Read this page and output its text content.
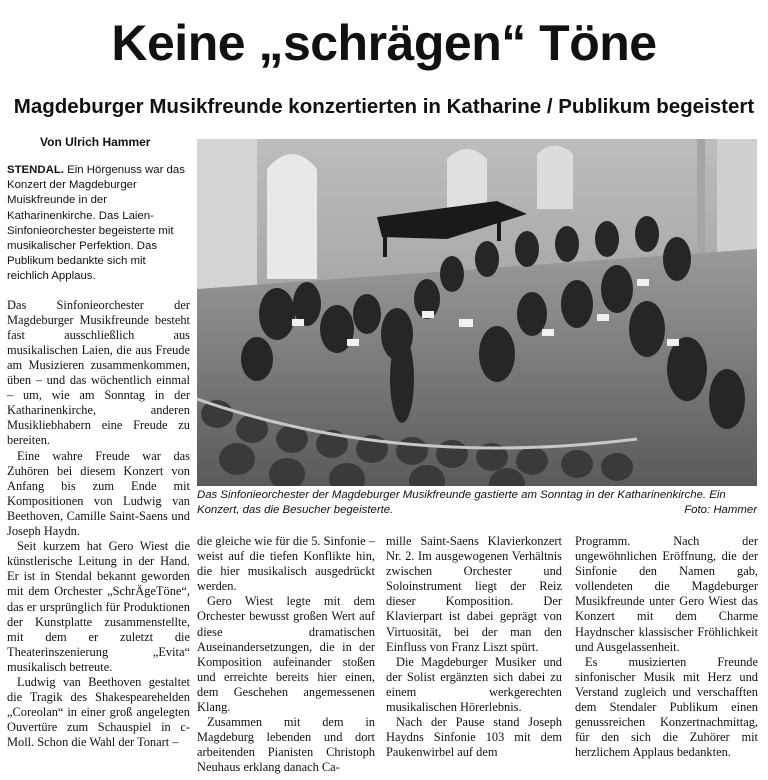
Keine „schrägen“ Töne
Magdeburger Musikfreunde konzertierten in Katharine / Publikum begeistert
Von Ulrich Hammer

STENDAL. Ein Hörgenuss war das Konzert der Magdeburger Muiskfreunde in der Katharinenkirche. Das Laien-Sinfonieorchester begeisterte mit musikalischer Perfektion. Das Publikum bedankte sich mit reichlich Applaus.

Das Sinfonieorchester der Magdeburger Musikfreunde besteht fast ausschließlich aus musikalischen Laien, die aus Freude am Musizieren zusammenkommen, üben – und das wöchentlich einmal – um, wie am Sonntag in der Katharinenkirche, anderen Musikliebhabern eine Freude zu bereiten.

Eine wahre Freude war das Zuhören bei diesem Konzert von Anfang bis zum Ende mit Kompositionen von Ludwig van Beethoven, Camille Saint-Saens und Joseph Haydn.

Seit kurzem hat Gero Wiest die künstlerische Leitung in der Hand. Er ist in Stendal bekannt geworden mit dem Orchester „SchrÄgeTöne“, das er ursprünglich für Produktionen der Kunstplatte zusammenstellte, mit dem er zuletzt die Theaterinszenierung „Evita“ musikalisch betreute.

Ludwig van Beethoven gestaltet die Tragik des Shakespearehelden „Coreolan“ in einer groß angelegten Ouvertüre zum Schauspiel in c-Moll. Schon die Wahl der Tonart –

Das Sinfonieorchester der Magdeburger Musikfreunde gastierte am Sonntag in der Katharinenkirche. Ein Konzert, das die Besucher begeisterte.	Foto: Hammer

die gleiche wie für die 5. Sinfonie – weist auf die tiefen Konflikte hin, die hier musikalisch ausgedrückt werden.

Gero Wiest legte mit dem Orchester bewusst großen Wert auf diese dramatischen Auseinandersetzungen, die in der Komposition aufeinander stoßen und erreichte bereits hier einen, dem Geschehen angemessenen Klang.

Zusammen mit dem in Magdeburg lebenden und dort arbeitenden Pianisten Christoph Neuhaus erklang danach Ca-

mille Saint-Saens Klavierkonzert Nr. 2. Im ausgewogenen Verhältnis zwischen Orchester und Soloinstrument liegt der Reiz dieser Komposition. Der Klavierpart ist dabei geprägt von Virtuosität, bei der man den Einfluss von Franz Liszt spürt.

Die Magdeburger Musiker und der Solist ergänzten sich dabei zu einem werkgerechten musikalischen Hörerlebnis.

Nach der Pause stand Joseph Haydns Sinfonie 103 mit dem Paukenwirbel auf dem

Programm. Nach der ungewöhnlichen Eröffnung, die der Sinfonie den Namen gab, vollendeten die Magdeburger Musikfreunde unter Gero Wiest das Konzert mit dem Charme Haydnscher klassischer Fröhlichkeit und Ausgelassenheit.

Es musizierten Freunde sinfonischer Musik mit Herz und Verstand zugleich und verschafften dem Stendaler Publikum einen genussreichen Konzertnachmittag, für den sich die Zuhörer mit herzlichem Applaus bedankten.
